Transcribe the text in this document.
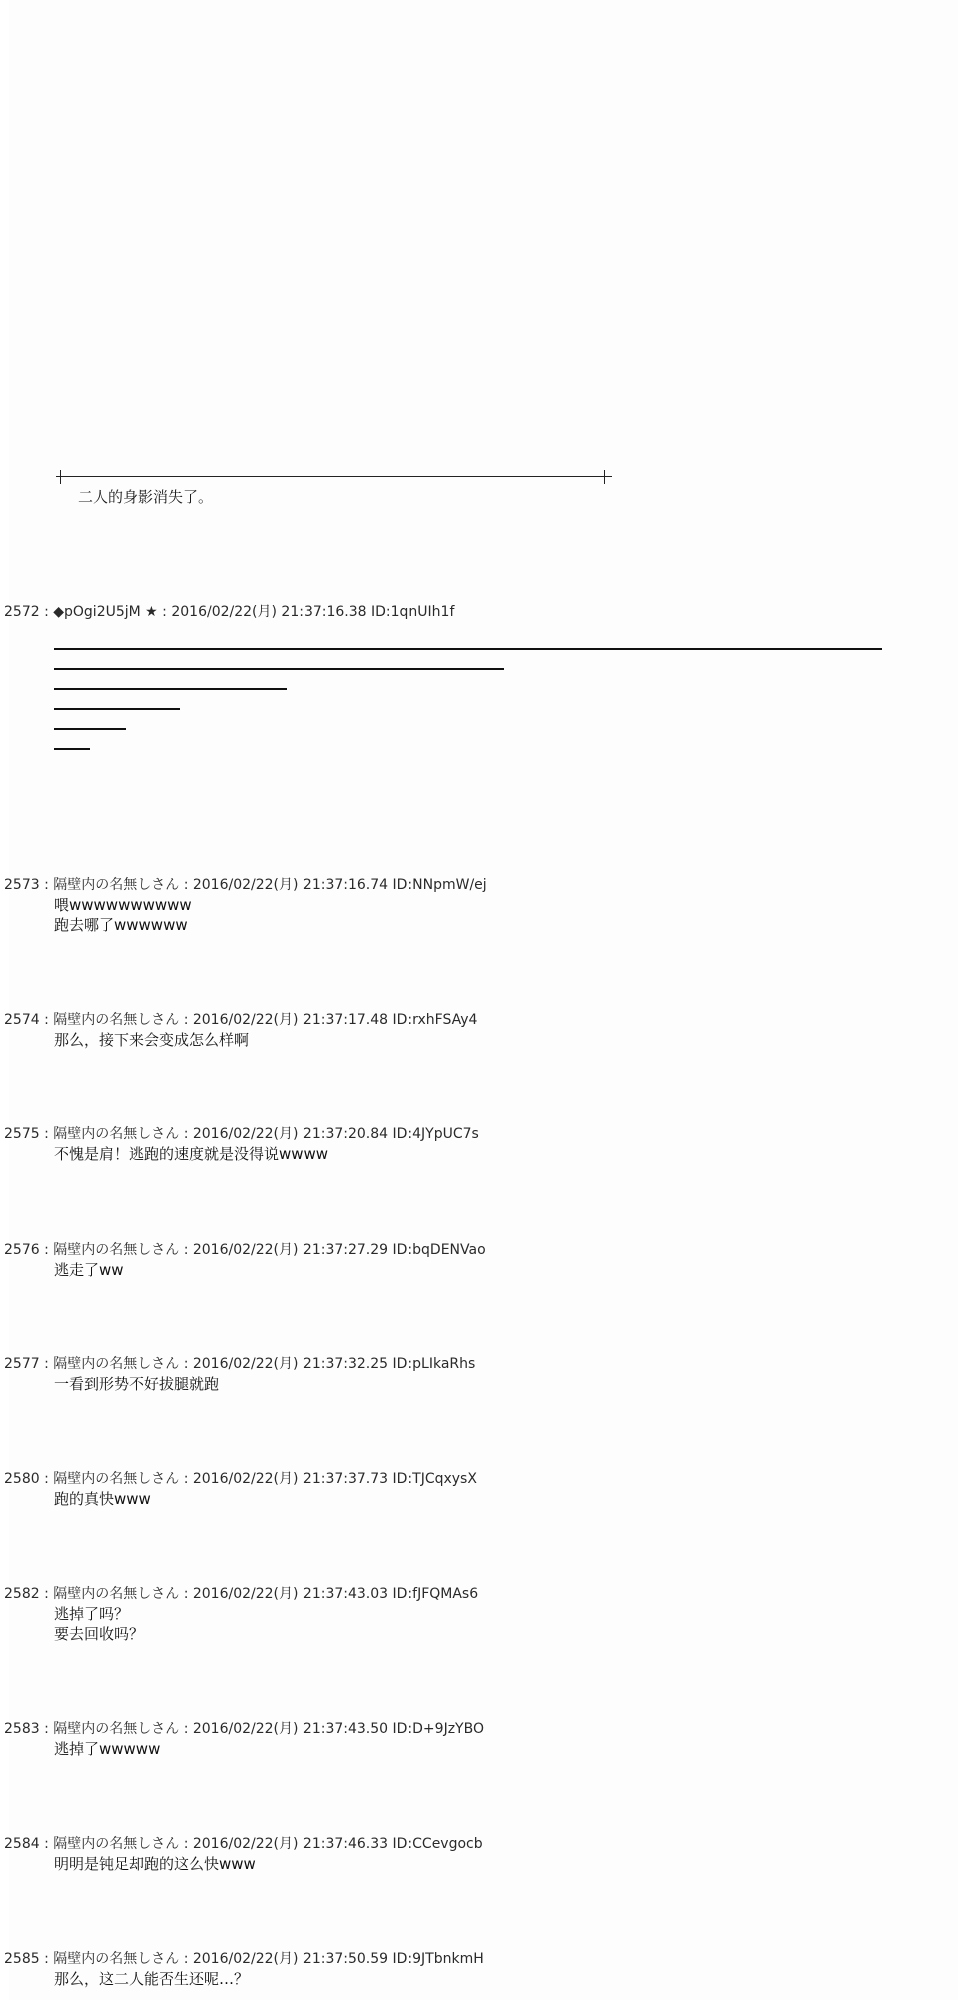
二人的身影消失了。
2572 : ◆pOgi2U5jM ★ : 2016/02/22(月) 21:37:16.38 ID:1qnUIh1f
2573 : 隔壁内の名無しさん : 2016/02/22(月) 21:37:16.74 ID:NNpmW/ej
喂wwwwwwwwww
跑去哪了wwwwww
2574 : 隔壁内の名無しさん : 2016/02/22(月) 21:37:17.48 ID:rxhFSAy4
那么，接下来会变成怎么样啊
2575 : 隔壁内の名無しさん : 2016/02/22(月) 21:37:20.84 ID:4JYpUC7s
不愧是肩！逃跑的速度就是没得说wwww
2576 : 隔壁内の名無しさん : 2016/02/22(月) 21:37:27.29 ID:bqDENVao
逃走了ww
2577 : 隔壁内の名無しさん : 2016/02/22(月) 21:37:32.25 ID:pLIkaRhs
一看到形势不好拔腿就跑
2580 : 隔壁内の名無しさん : 2016/02/22(月) 21:37:37.73 ID:TJCqxysX
跑的真快www
2582 : 隔壁内の名無しさん : 2016/02/22(月) 21:37:43.03 ID:fJFQMAs6
逃掉了吗？
要去回收吗？
2583 : 隔壁内の名無しさん : 2016/02/22(月) 21:37:43.50 ID:D+9JzYBO
逃掉了wwwww
2584 : 隔壁内の名無しさん : 2016/02/22(月) 21:37:46.33 ID:CCevgocb
明明是钝足却跑的这么快www
2585 : 隔壁内の名無しさん : 2016/02/22(月) 21:37:50.59 ID:9JTbnkmH
那么，这二人能否生还呢…？
